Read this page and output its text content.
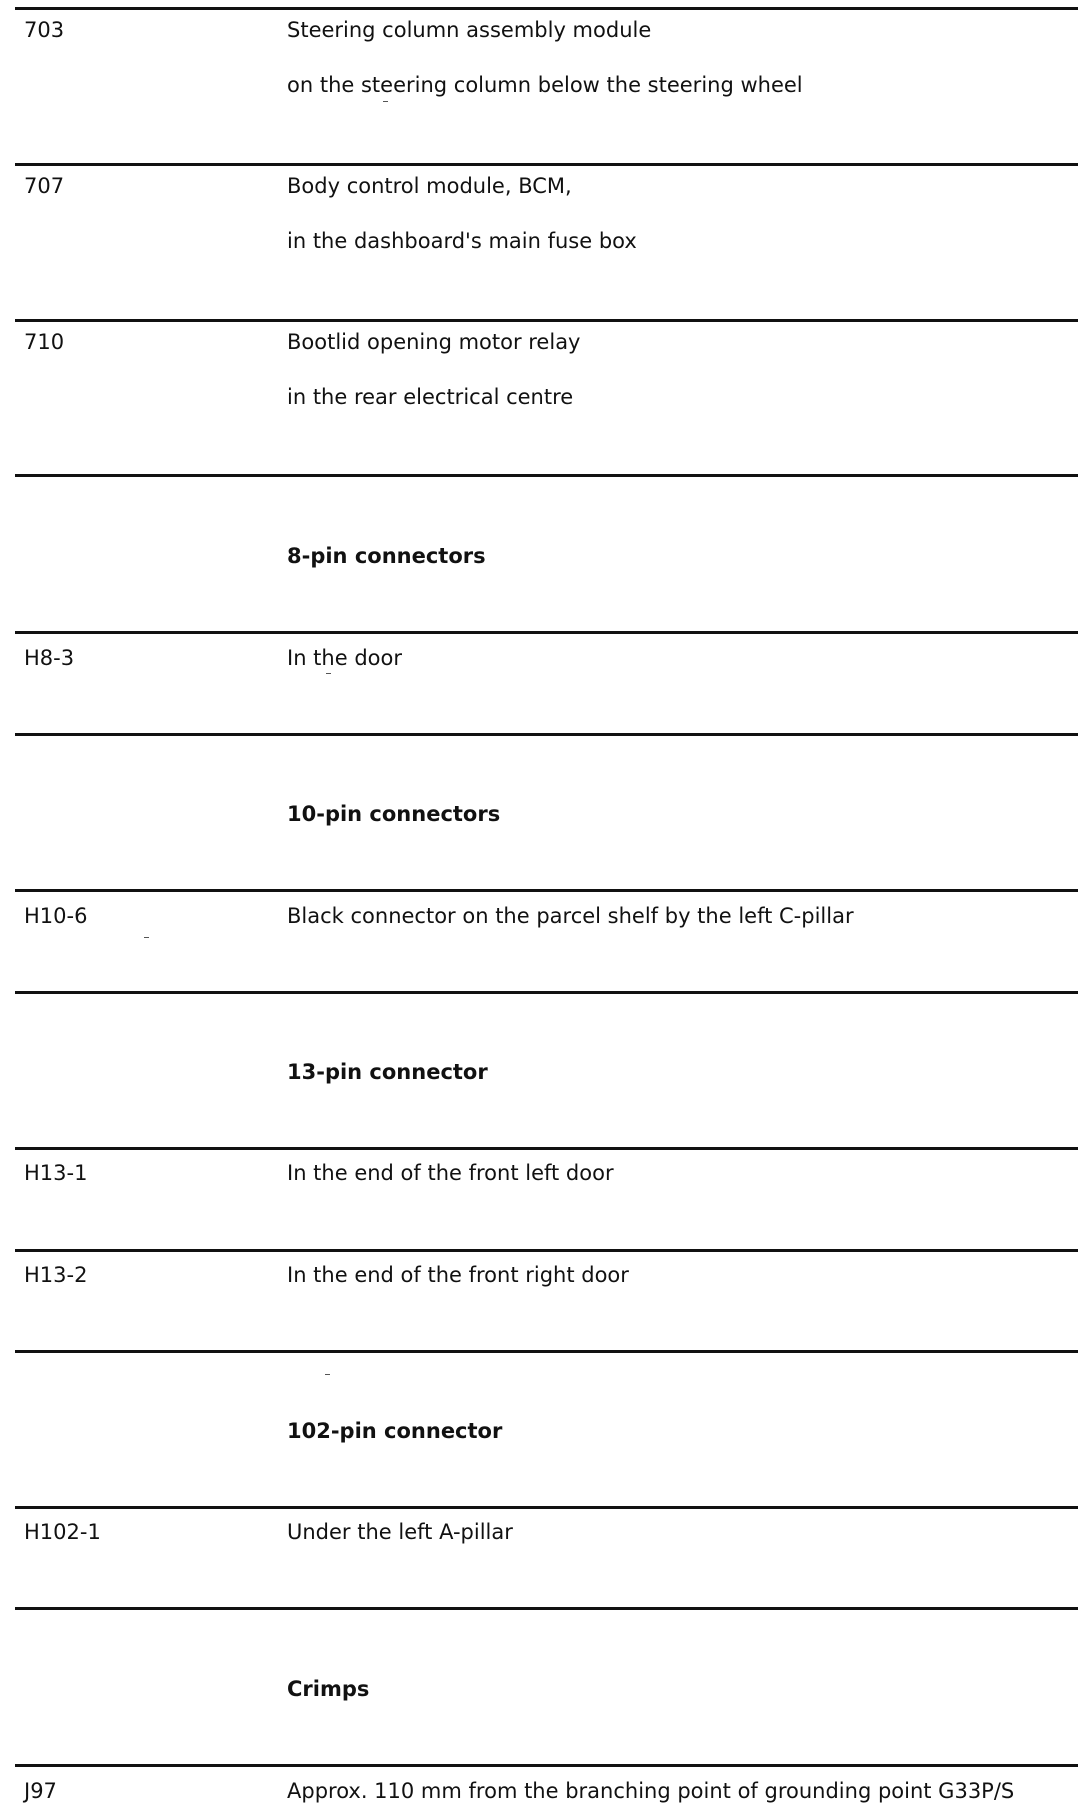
703	Steering column assembly module
on the steering column below the steering wheel
707	Body control module, BCM,
in the dashboard's main fuse box
710	Bootlid opening motor relay
in the rear electrical centre
8-pin connectors
H8-3	In the door
10-pin connectors
H10-6	Black connector on the parcel shelf by the left C-pillar
13-pin connector
H13-1	In the end of the front left door
H13-2	In the end of the front right door
102-pin connector
H102-1	Under the left A-pillar
Crimps
J97	Approx. 110 mm from the branching point of grounding point G33P/S
